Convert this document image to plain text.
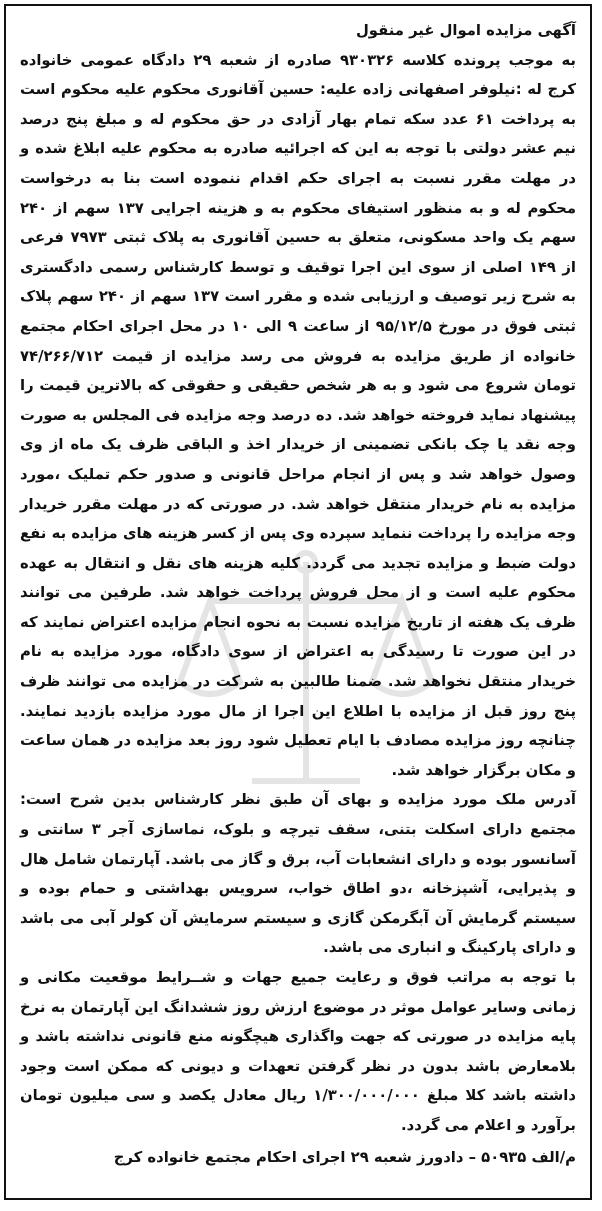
آگهی مزایده اموال غیر منقول
به موجب پرونده کلاسه ۹۳۰۳۲۶ صادره از شعبه ۲۹ دادگاه عمومی خانواده کرج له :نیلوفر اصفهانی زاده علیه: حسین آقانوری محکوم علیه محکوم است به پرداخت ۶۱ عدد سکه تمام بهار آزادی در حق محکوم له و مبلغ پنج درصد نیم عشر دولتی با توجه به این که اجرائیه صادره به محکوم علیه ابلاغ شده و در مهلت مقرر نسبت به اجرای حکم اقدام ننموده است بنا به درخواست محکوم له و به منظور استیفای محکوم به و هزینه اجرایی ۱۳۷ سهم از ۲۴۰ سهم یک واحد مسکونی، متعلق به حسین آقانوری به پلاک ثبتی ۷۹۷۳ فرعی از ۱۴۹ اصلی از سوی این اجرا توقیف و توسط کارشناس رسمی دادگستری به شرح زیر توصیف و ارزیابی شده و مقرر است ۱۳۷ سهم از ۲۴۰ سهم پلاک ثبتی فوق در مورخ ۹۵/۱۲/۵ از ساعت ۹ الی ۱۰ در محل اجرای احکام مجتمع خانواده از طریق مزایده به فروش می رسد مزایده از قیمت ۷۴/۲۶۶/۷۱۲ تومان شروع می شود و به هر شخص حقیقی و حقوقی که بالاترین قیمت را پیشنهاد نماید فروخته خواهد شد. ده درصد وجه مزایده فی المجلس به صورت وجه نقد یا چک بانکی تضمینی از خریدار اخذ و الباقی ظرف یک ماه از وی وصول خواهد شد و پس از انجام مراحل قانونی و صدور حکم تملیک ،مورد مزایده به نام خریدار منتقل خواهد شد. در صورتی که در مهلت مقرر خریدار وجه مزایده را پرداخت ننماید سپرده وی پس از کسر هزینه های مزایده به نفع دولت ضبط و مزایده تجدید می گردد. کلیه هزینه های نقل و انتقال به عهده محکوم علیه است و از محل فروش پرداخت خواهد شد. طرفین می توانند ظرف یک هفته از تاریخ مزایده نسبت به نحوه انجام مزایده اعتراض نمایند که در این صورت تا رسیدگی به اعتراض از سوی دادگاه، مورد مزایده به نام خریدار منتقل نخواهد شد. ضمنا طالبین به شرکت در مزایده می توانند ظرف پنج روز قبل از مزایده با اطلاع این اجرا از مال مورد مزایده بازدید نمایند. چنانچه روز مزایده مصادف با ایام تعطیل شود روز بعد مزایده در همان ساعت و مکان برگزار خواهد شد.
آدرس ملک مورد مزایده و بهای آن طبق نظر کارشناس بدین شرح است: مجتمع دارای اسکلت بتنی، سقف تیرچه و بلوک، نماسازی آجر ۳ سانتی و آسانسور بوده و دارای انشعابات آب، برق و گاز می باشد. آپارتمان شامل هال و پذیرایی، آشپزخانه ،دو اطاق خواب، سرویس بهداشتی و حمام بوده و سیستم گرمایش آن آبگرمکن گازی و سیستم سرمایش آن کولر آبی می باشد و دارای پارکینگ و انباری می باشد.
با توجه به مراتب فوق و رعایت جمیع جهات و شــرایط موقعیت مکانی و زمانی وسایر عوامل موثر در موضوع ارزش روز ششدانگ این آپارتمان به نرخ پایه مزایده در صورتی که جهت واگذاری هیچگونه منع قانونی نداشته باشد و بلامعارض باشد بدون در نظر گرفتن تعهدات و دیونی که ممکن است وجود داشته باشد کلا مبلغ ۱/۳۰۰/۰۰۰/۰۰۰ ریال معادل یکصد و سی میلیون تومان برآورد و اعلام می گردد.
م/الف ۵۰۹۳۵ – دادورز شعبه ۲۹ اجرای احکام مجتمع خانواده کرج
